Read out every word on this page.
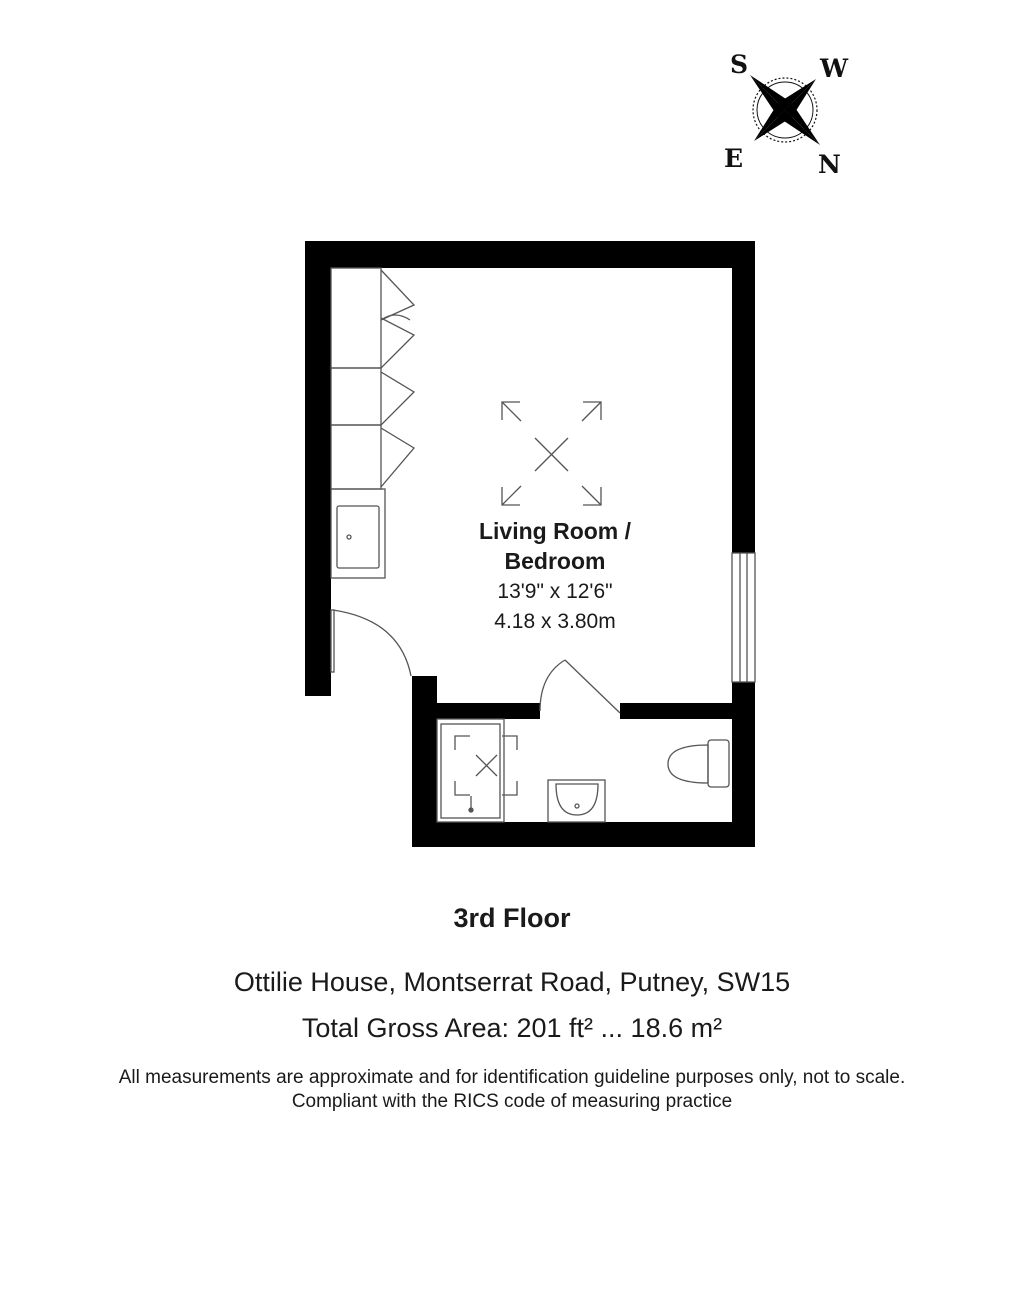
S	W
E	N
Living Room /
Bedroom
13'9" x 12'6"
4.18 x 3.80m

3rd Floor

Ottilie House, Montserrat Road, Putney, SW15

Total Gross Area: 201 ft² ... 18.6 m²

All measurements are approximate and for identification guideline purposes only, not to scale.
Compliant with the RICS code of measuring practice
